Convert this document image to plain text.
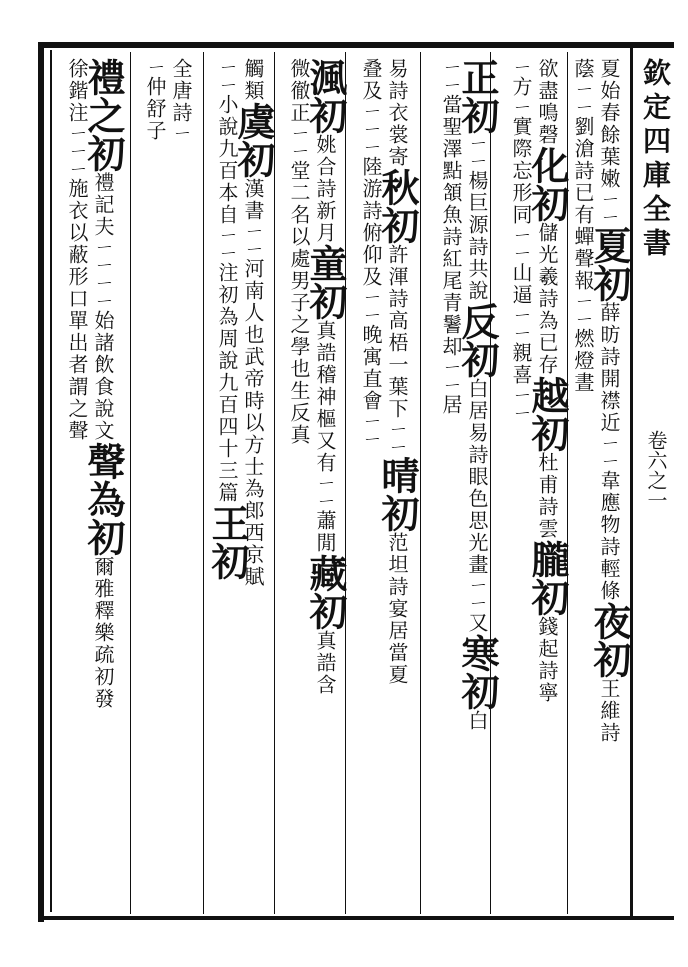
欽定四庫全書
卷六之一
夏始春餘葉嫩ㄧㄧ夏初薛昉詩開襟近ㄧㄧ韋應物詩輕條夜初王維詩
蔭ㄧㄧ劉滄詩已有蟬聲報ㄧㄧ燃燈晝
欲盡鳴磬化初儲光羲詩為已存越初杜甫詩雲朧初錢起詩寧
ㄧ方ㄧ實際忘形同ㄧㄧ山逼ㄧㄧ親喜ㄧㄧ
正初ㄧㄧ楊巨源詩共說反初白居易詩眼色思光畫ㄧㄧ又寒初白
ㄧㄧ當聖澤點頷魚詩紅尾青鬐却ㄧㄧ居
易詩衣裳寄秋初許渾詩高梧一葉下ㄧㄧ晴初范坦詩宴居當夏
叠及ㄧㄧㄧ陸游詩俯仰及ㄧㄧ晚寓直會ㄧㄧ
渢初姚合詩新月童初真誥稽神樞又有ㄧㄧ蕭閒藏初真誥含
微徹正ㄧㄧ堂二名以處男子之學也生反真
觸類虞初漢書ㄧㄧ河南人也武帝時以方士為郎西京賦
ㄧㄧ小說九百本自ㄧㄧ注初為周說九百四十三篇王初
全唐詩ㄧ
ㄧ仲舒子
禮之初禮記夫ㄧㄧㄧㄧ始諸飲食說文聲為初爾雅釋樂疏初發
徐鍇注ㄧㄧㄧ施衣以蔽形口單出者謂之聲
